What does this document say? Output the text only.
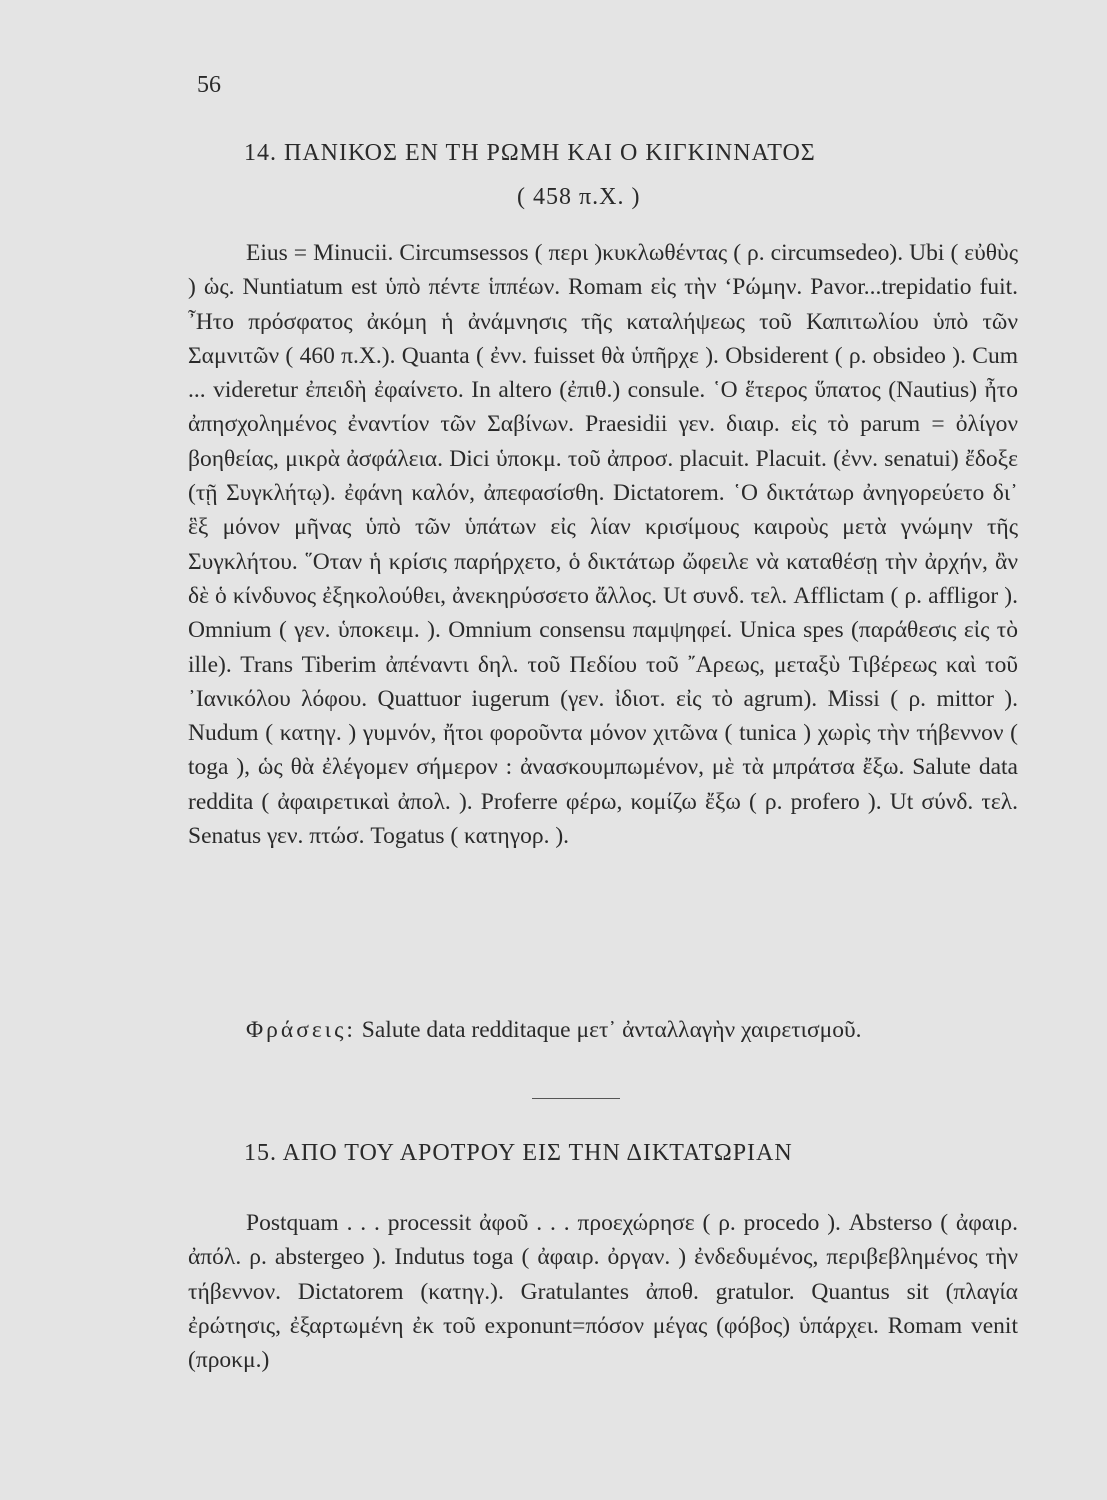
56
14. ΠΑΝΙΚΟΣ ΕΝ ΤΗ ΡΩΜΗ ΚΑΙ Ο ΚΙΓΚΙΝΝΑΤΟΣ
( 458 π.Χ. )
Eius = Minucii. Circumsessos ( περι )κυκλωθέντας ( ρ. circumsedeo). Ubi ( εὐθὺς ) ὡς. Nuntiatum est ὑπὸ πέντε ἱππέων. Romam εἰς τὴν ‘Ρώμην. Pavor...trepidatio fuit. ῏Ητο πρόσφατος ἀκόμη ἡ ἀνάμνησις τῆς καταλήψεως τοῦ Καπιτωλίου ὑπὸ τῶν Σαμνιτῶν ( 460 π.Χ.). Quanta ( ἐνν. fuisset θὰ ὑπῆρχε ). Obsiderent ( ρ. obsideo ). Cum ... videretur ἐπειδὴ ἐφαίνετο. In altero (ἐπιθ.) consule. ῾Ο ἕτερος ὕπατος (Nautius) ἦτο ἀπησχολημένος ἐναντίον τῶν Σαβίνων. Praesidii γεν. διαιρ. εἰς τὸ parum = ὀλίγον βοηθείας, μικρὰ ἀσφάλεια. Dici ὑποκμ. τοῦ ἀπροσ. placuit. Placuit. (ἐνν. senatui) ἔδοξε (τῇ Συγκλήτῳ). ἐφάνη καλόν, ἀπεφασίσθη. Dictatorem. ῾Ο δικτάτωρ ἀνηγορεύετο δι᾽ ἓξ μόνον μῆνας ὑπὸ τῶν ὑπάτων εἰς λίαν κρισίμους καιροὺς μετὰ γνώμην τῆς Συγκλήτου. ῞Οταν ἡ κρίσις παρήρχετο, ὁ δικτάτωρ ὤφειλε νὰ καταθέσῃ τὴν ἀρχήν, ἂν δὲ ὁ κίνδυνος ἐξηκολούθει, ἀνεκηρύσσετο ἄλλος. Ut συνδ. τελ. Afflictam ( ρ. affligor ). Omnium ( γεν. ὑποκειμ. ). Omnium consensu παμψηφεί. Unica spes (παράθεσις εἰς τὸ ille). Trans Tiberim ἀπέναντι δηλ. τοῦ Πεδίου τοῦ ῎Αρεως, μεταξὺ Τιβέρεως καὶ τοῦ ᾽Ιανικόλου λόφου. Quattuor iugerum (γεν. ἰδιοτ. εἰς τὸ agrum). Missi ( ρ. mittor ). Nudum ( κατηγ. ) γυμνόν, ἤτοι φοροῦντα μόνον χιτῶνα ( tunica ) χωρὶς τὴν τήβεννον ( toga ), ὡς θὰ ἐλέγομεν σήμερον : ἀνασκουμπωμένον, μὲ τὰ μπράτσα ἔξω. Salute data reddita ( ἀφαιρετικαὶ ἀπολ. ). Proferre φέρω, κομίζω ἔξω ( ρ. profero ). Ut σύνδ. τελ. Senatus γεν. πτώσ. Togatus ( κατηγορ. ).
Φράσεις: Salute data redditaque μετ᾽ ἀνταλλαγὴν χαιρετισμοῦ.
15. ΑΠΟ ΤΟΥ ΑΡΟΤΡΟΥ ΕΙΣ ΤΗΝ ΔΙΚΤΑΤΩΡΙΑΝ
Postquam . . . processit ἀφοῦ . . . προεχώρησε ( ρ. procedo ). Absterso ( ἀφαιρ. ἀπόλ. ρ. abstergeo ). Indutus toga ( ἀφαιρ. ὀργαν. ) ἐνδεδυμένος, περιβεβλημένος τὴν τήβεννον. Dictatorem (κατηγ.). Gratulantes ἀποθ. gratulor. Quantus sit (πλαγία ἐρώτησις, ἐξαρτωμένη ἐκ τοῦ exponunt=πόσον μέγας (φόβος) ὑπάρχει. Romam venit (προκμ.)
